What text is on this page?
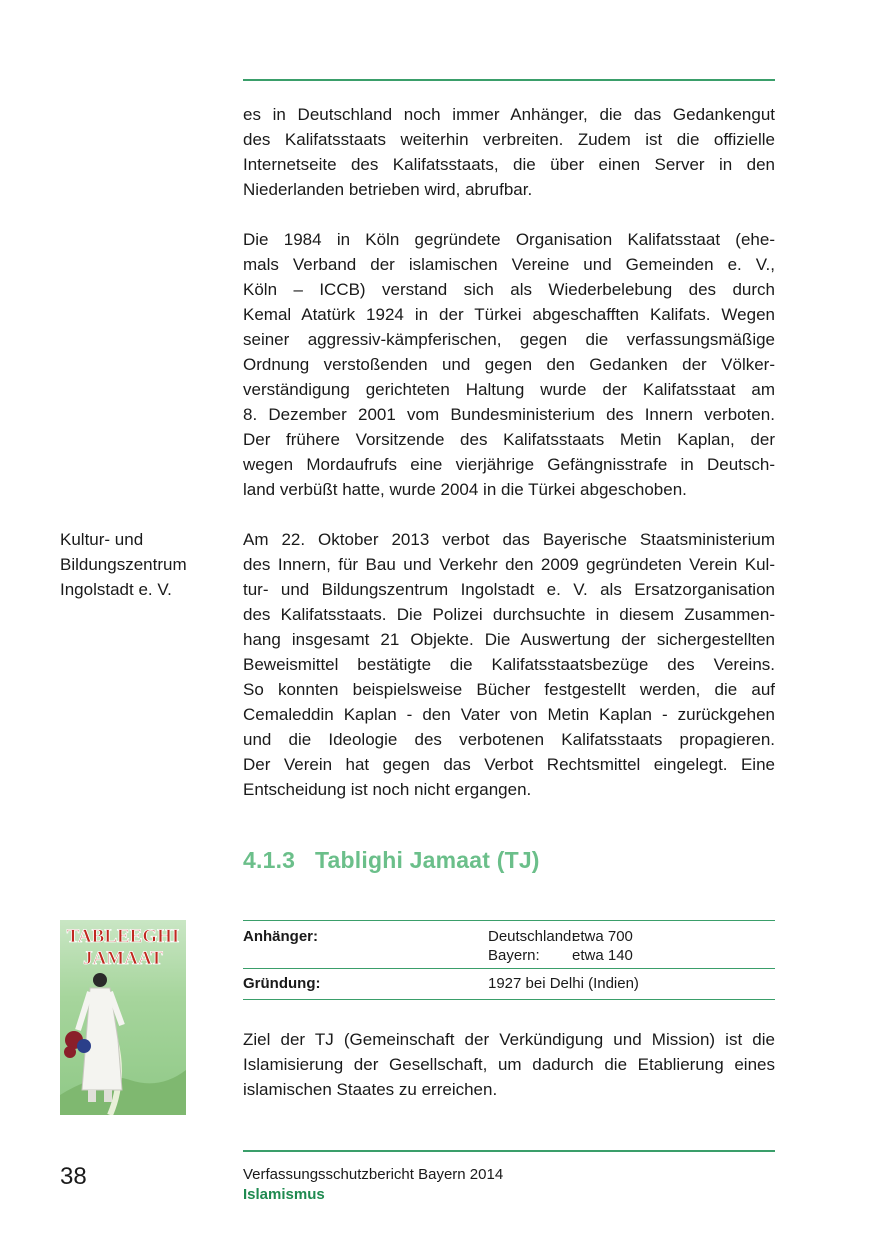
es in Deutschland noch immer Anhänger, die das Gedankengut
des Kalifatsstaats weiterhin verbreiten. Zudem ist die offizielle
Internetseite des Kalifatsstaats, die über einen Server in den
Niederlanden betrieben wird, abrufbar.

Die 1984 in Köln gegründete Organisation Kalifatsstaat (ehe-
mals Verband der islamischen Vereine und Gemeinden e. V.,
Köln – ICCB) verstand sich als Wiederbelebung des durch
Kemal Atatürk 1924 in der Türkei abgeschafften Kalifats. Wegen
seiner aggressiv-kämpferischen, gegen die verfassungsmäßige
Ordnung verstoßenden und gegen den Gedanken der Völker-
verständigung gerichteten Haltung wurde der Kalifatsstaat am
8. Dezember 2001 vom Bundesministerium des Innern verboten.
Der frühere Vorsitzende des Kalifatsstaats Metin Kaplan, der
wegen Mordaufrufs eine vierjährige Gefängnisstrafe in Deutsch-
land verbüßt hatte, wurde 2004 in die Türkei abgeschoben.

Kultur- und
Bildungszentrum
Ingolstadt e. V.

Am 22. Oktober 2013 verbot das Bayerische Staatsministerium
des Innern, für Bau und Verkehr den 2009 gegründeten Verein Kul-
tur- und Bildungszentrum Ingolstadt e. V. als Ersatzorganisation
des Kalifatsstaats. Die Polizei durchsuchte in diesem Zusammen-
hang insgesamt 21 Objekte. Die Auswertung der sichergestellten
Beweismittel bestätigte die Kalifatsstaatsbezüge des Vereins.
So konnten beispielsweise Bücher festgestellt werden, die auf
Cemaleddin Kaplan - den Vater von Metin Kaplan - zurückgehen
und die Ideologie des verbotenen Kalifatsstaats propagieren.
Der Verein hat gegen das Verbot Rechtsmittel eingelegt. Eine
Entscheidung ist noch nicht ergangen.

4.1.3 Tablighi Jamaat (TJ)
TABLEEGHI
JAMAAT
Anhänger:	Deutschland:etwa 700
Bayern: etwa 140
Gründung:	1927 bei Delhi (Indien)

Ziel der TJ (Gemeinschaft der Verkündigung und Mission) ist die
Islamisierung der Gesellschaft, um dadurch die Etablierung eines
islamischen Staates zu erreichen.

38	Verfassungsschutzbericht Bayern 2014

Islamismus
